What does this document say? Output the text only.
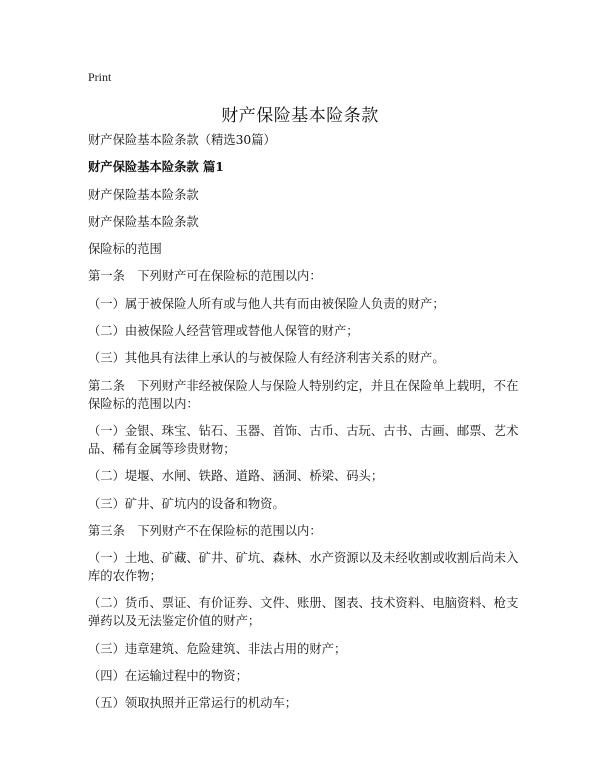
Print
财产保险基本险条款

财产保险基本险条款（精选30篇）

财产保险基本险条款 篇1

财产保险基本险条款

财产保险基本险条款

保险标的范围

第一条　下列财产可在保险标的范围以内：

（一）属于被保险人所有或与他人共有而由被保险人负责的财产；

（二）由被保险人经营管理或替他人保管的财产；

（三）其他具有法律上承认的与被保险人有经济利害关系的财产。

第二条　下列财产非经被保险人与保险人特别约定，并且在保险单上载明，不在保险标的范围以内：

（一）金银、珠宝、钻石、玉器、首饰、古币、古玩、古书、古画、邮票、艺术品、稀有金属等珍贵财物；

（二）堤堰、水闸、铁路、道路、涵洞、桥梁、码头；

（三）矿井、矿坑内的设备和物资。

第三条　下列财产不在保险标的范围以内：

（一）土地、矿藏、矿井、矿坑、森林、水产资源以及未经收割或收割后尚未入库的农作物；

（二）货币、票证、有价证券、文件、账册、图表、技术资料、电脑资料、枪支弹药以及无法鉴定价值的财产；

（三）违章建筑、危险建筑、非法占用的财产；

（四）在运输过程中的物资；

（五）领取执照并正常运行的机动车；
